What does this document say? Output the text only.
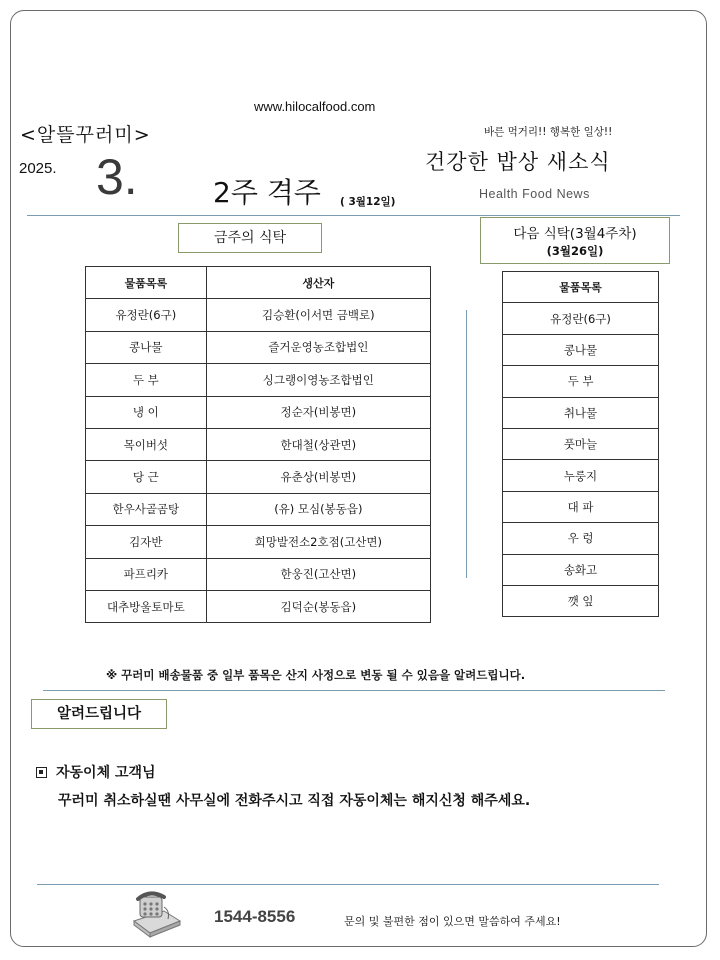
www.hilocalfood.com
<알뜰꾸러미>	바른 먹거리!! 행복한 일상!!
2025. 3.	건강한 밥상 새소식
2주 격주 ( 3월12일)
Health Food News
금주의 식탁	다음 식탁(3월4주차)
(3월26일)
물품목록	생산자
유정란(6구)	김승환(이서면 금백로)
콩나물	즐거운영농조합법인
두 부	싱그랭이영농조합법인
냉 이	정순자(비봉면)
목이버섯	한대철(상관면)
당 근	유춘상(비봉면)
한우사골곰탕	(유) 모심(봉동읍)
김자반	희망발전소2호점(고산면)
파프리카	한웅진(고산면)
대추방울토마토	김덕순(봉동읍)
물품목록
유정란(6구)
콩나물
두 부
취나물
풋마늘
누룽지
대 파
우 렁
송화고
깻 잎
※ 꾸러미 배송물품 중 일부 품목은 산지 사정으로 변동 될 수 있음을 알려드립니다.
알려드립니다
자동이체 고객님
꾸러미 취소하실땐 사무실에 전화주시고 직접 자동이체는 해지신청 해주세요.
1544-8556	문의 및 불편한 점이 있으면 말씀하여 주세요!
